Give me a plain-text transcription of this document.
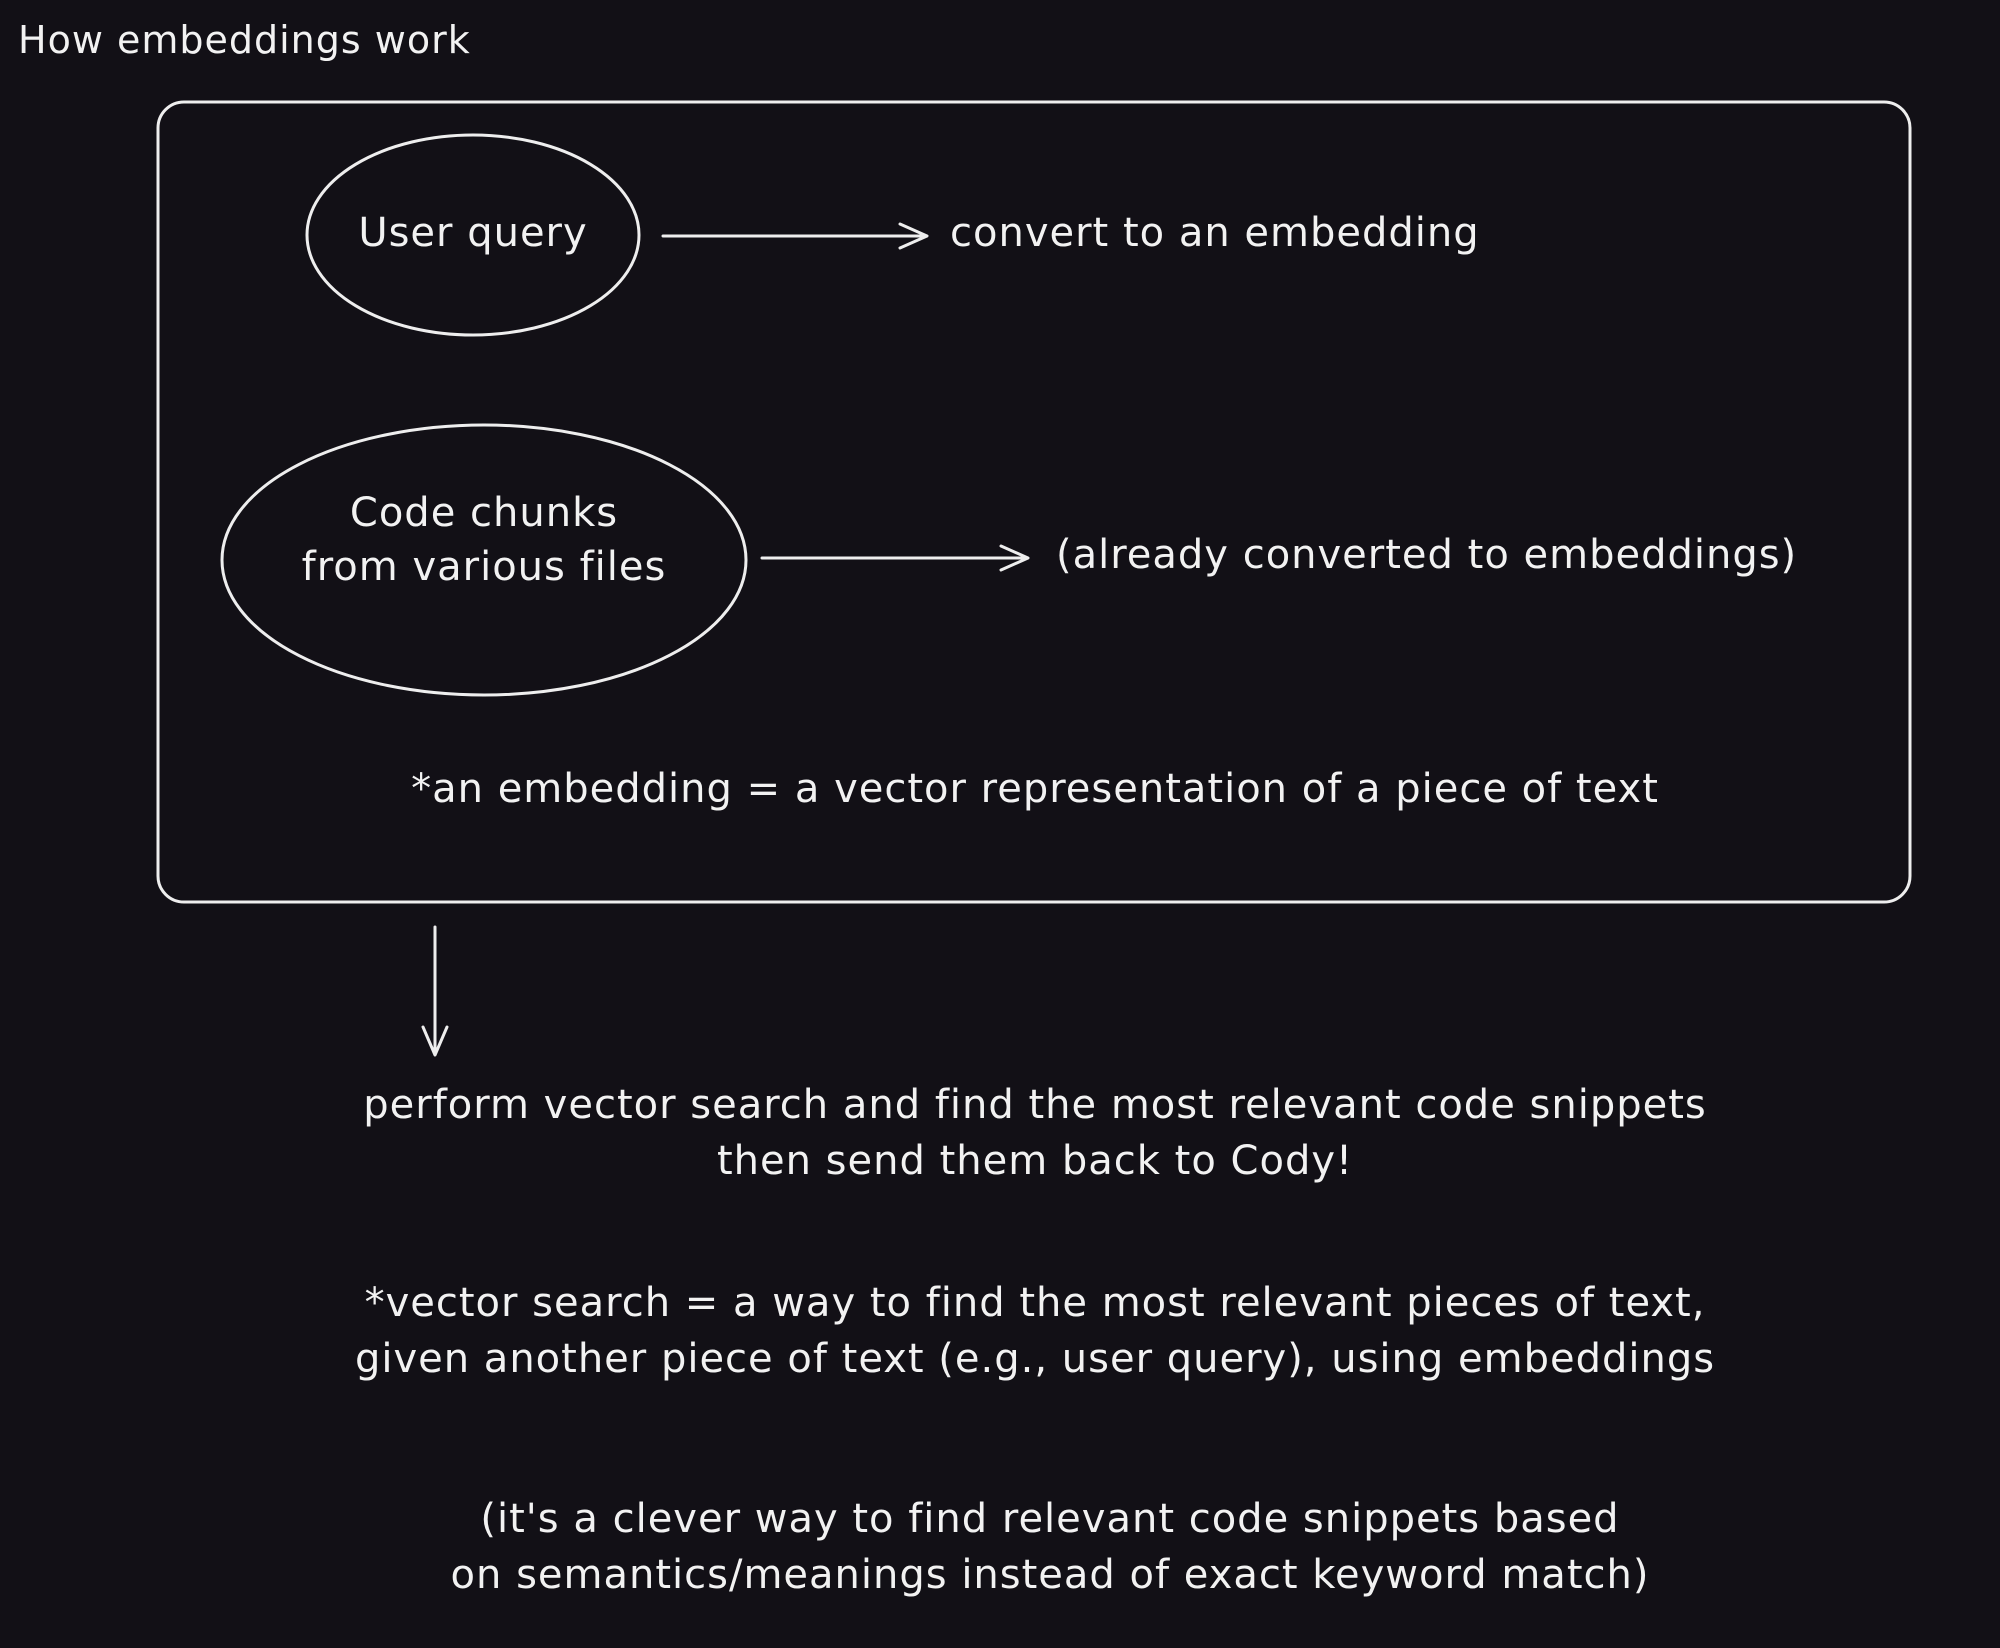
How embeddings work
User query	convert to an embedding
Code chunks
from various files	(already converted to embeddings)
*an embedding = a vector representation of a piece of text
perform vector search and find the most relevant code snippets
then send them back to Cody!
*vector search = a way to find the most relevant pieces of text,
given another piece of text (e.g., user query), using embeddings
(it's a clever way to find relevant code snippets based
on semantics/meanings instead of exact keyword match)
